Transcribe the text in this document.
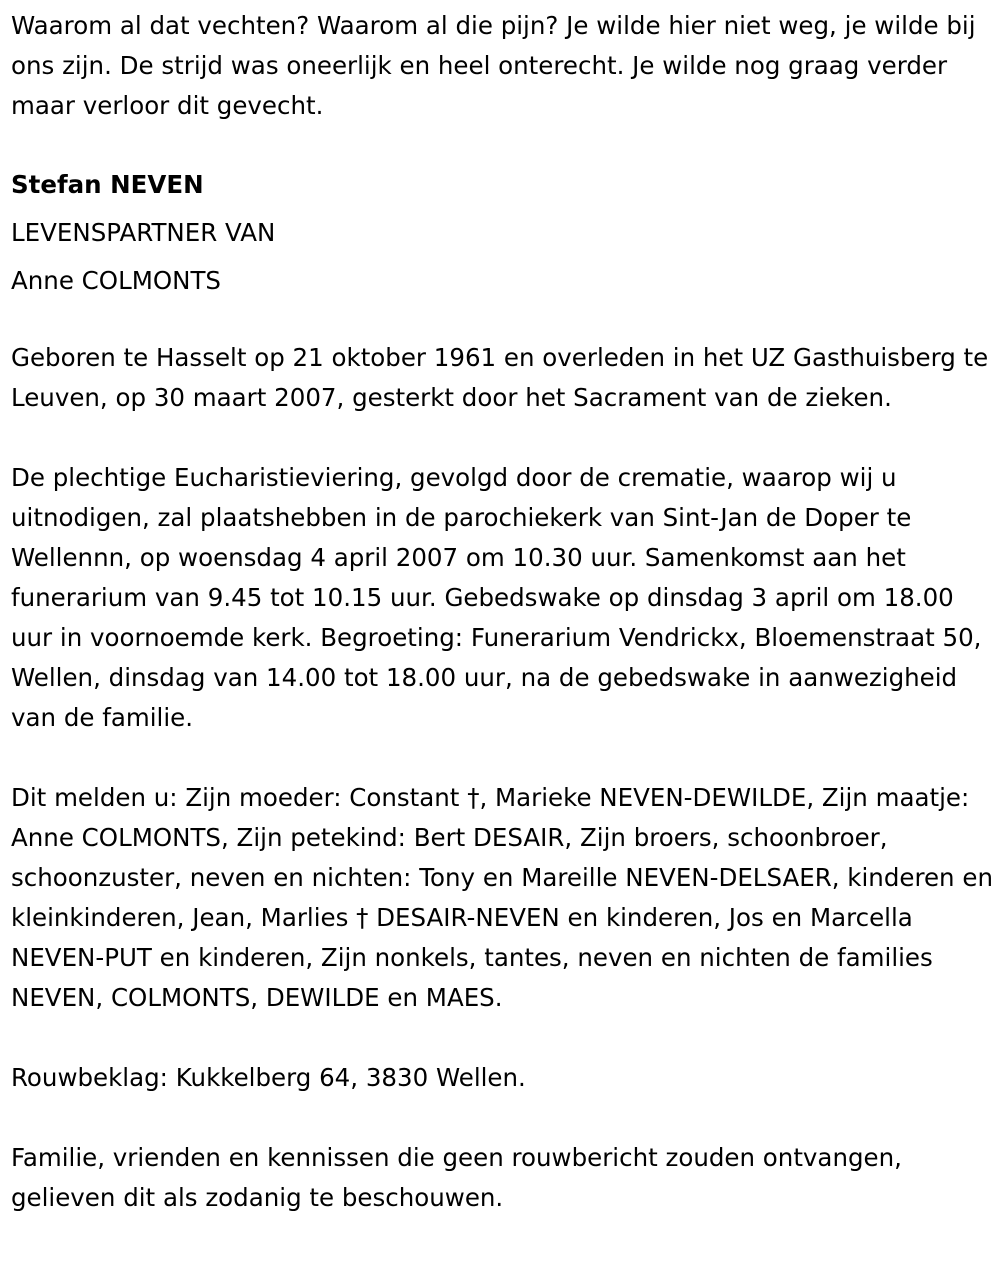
Waarom al dat vechten? Waarom al die pijn? Je wilde hier niet weg, je wilde bij ons zijn. De strijd was oneerlijk en heel onterecht. Je wilde nog graag verder maar verloor dit gevecht.

Stefan NEVEN

LEVENSPARTNER VAN

Anne COLMONTS

Geboren te Hasselt op 21 oktober 1961 en overleden in het UZ Gasthuisberg te Leuven, op 30 maart 2007, gesterkt door het Sacrament van de zieken.

De plechtige Eucharistieviering, gevolgd door de crematie, waarop wij u uitnodigen, zal plaatshebben in de parochiekerk van Sint-Jan de Doper te Wellennn, op woensdag 4 april 2007 om 10.30 uur. Samenkomst aan het funerarium van 9.45 tot 10.15 uur. Gebedswake op dinsdag 3 april om 18.00 uur in voornoemde kerk. Begroeting: Funerarium Vendrickx, Bloemenstraat 50, Wellen, dinsdag van 14.00 tot 18.00 uur, na de gebedswake in aanwezigheid van de familie.

Dit melden u: Zijn moeder: Constant †, Marieke NEVEN-DEWILDE, Zijn maatje: Anne COLMONTS, Zijn petekind: Bert DESAIR, Zijn broers, schoonbroer, schoonzuster, neven en nichten: Tony en Mareille NEVEN-DELSAER, kinderen en kleinkinderen, Jean, Marlies † DESAIR-NEVEN en kinderen, Jos en Marcella NEVEN-PUT en kinderen, Zijn nonkels, tantes, neven en nichten de families NEVEN, COLMONTS, DEWILDE en MAES.

Rouwbeklag: Kukkelberg 64, 3830 Wellen.

Familie, vrienden en kennissen die geen rouwbericht zouden ontvangen, gelieven dit als zodanig te beschouwen.
